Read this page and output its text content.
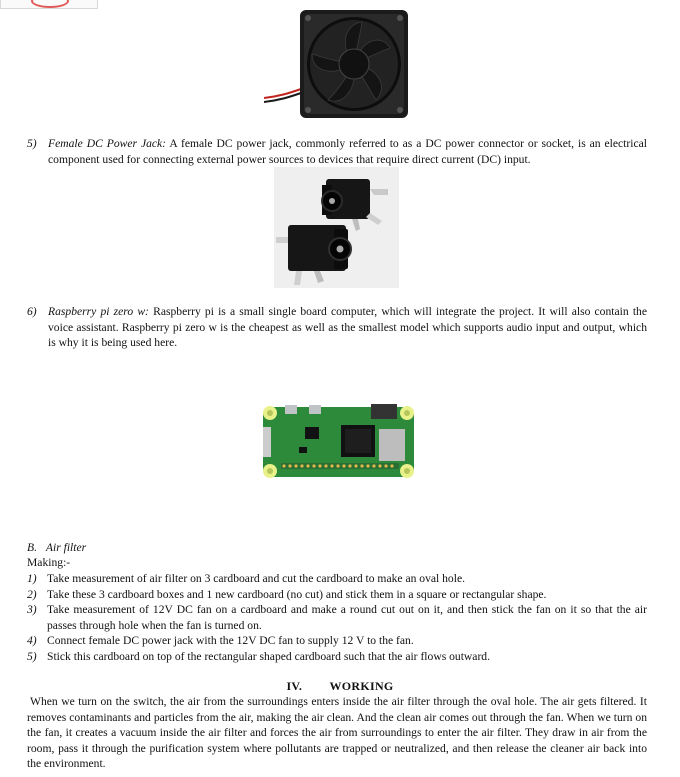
5) Female DC Power Jack: A female DC power jack, commonly referred to as a DC power connector or socket, is an electrical component used for connecting external power sources to devices that require direct current (DC) input.
6) Raspberry pi zero w: Raspberry pi is a small single board computer, which will integrate the project. It will also contain the voice assistant. Raspberry pi zero w is the cheapest as well as the smallest model which supports audio input and output, which is why it is being used here.
B. Air filter
Making:-
1) Take measurement of air filter on 3 cardboard and cut the cardboard to make an oval hole.
2) Take these 3 cardboard boxes and 1 new cardboard (no cut) and stick them in a square or rectangular shape.
3) Take measurement of 12V DC fan on a cardboard and make a round cut out on it, and then stick the fan on it so that the air passes through hole when the fan is turned on.
4) Connect female DC power jack with the 12V DC fan to supply 12 V to the fan.
5) Stick this cardboard on top of the rectangular shaped cardboard such that the air flows outward.
IV. WORKING
When we turn on the switch, the air from the surroundings enters inside the air filter through the oval hole. The air gets filtered. It removes contaminants and particles from the air, making the air clean. And the clean air comes out through the fan. When we turn on the fan, it creates a vacuum inside the air filter and forces the air from surroundings to enter the air filter. They draw in air from the room, pass it through the purification system where pollutants are trapped or neutralized, and then release the cleaner air back into the environment.
